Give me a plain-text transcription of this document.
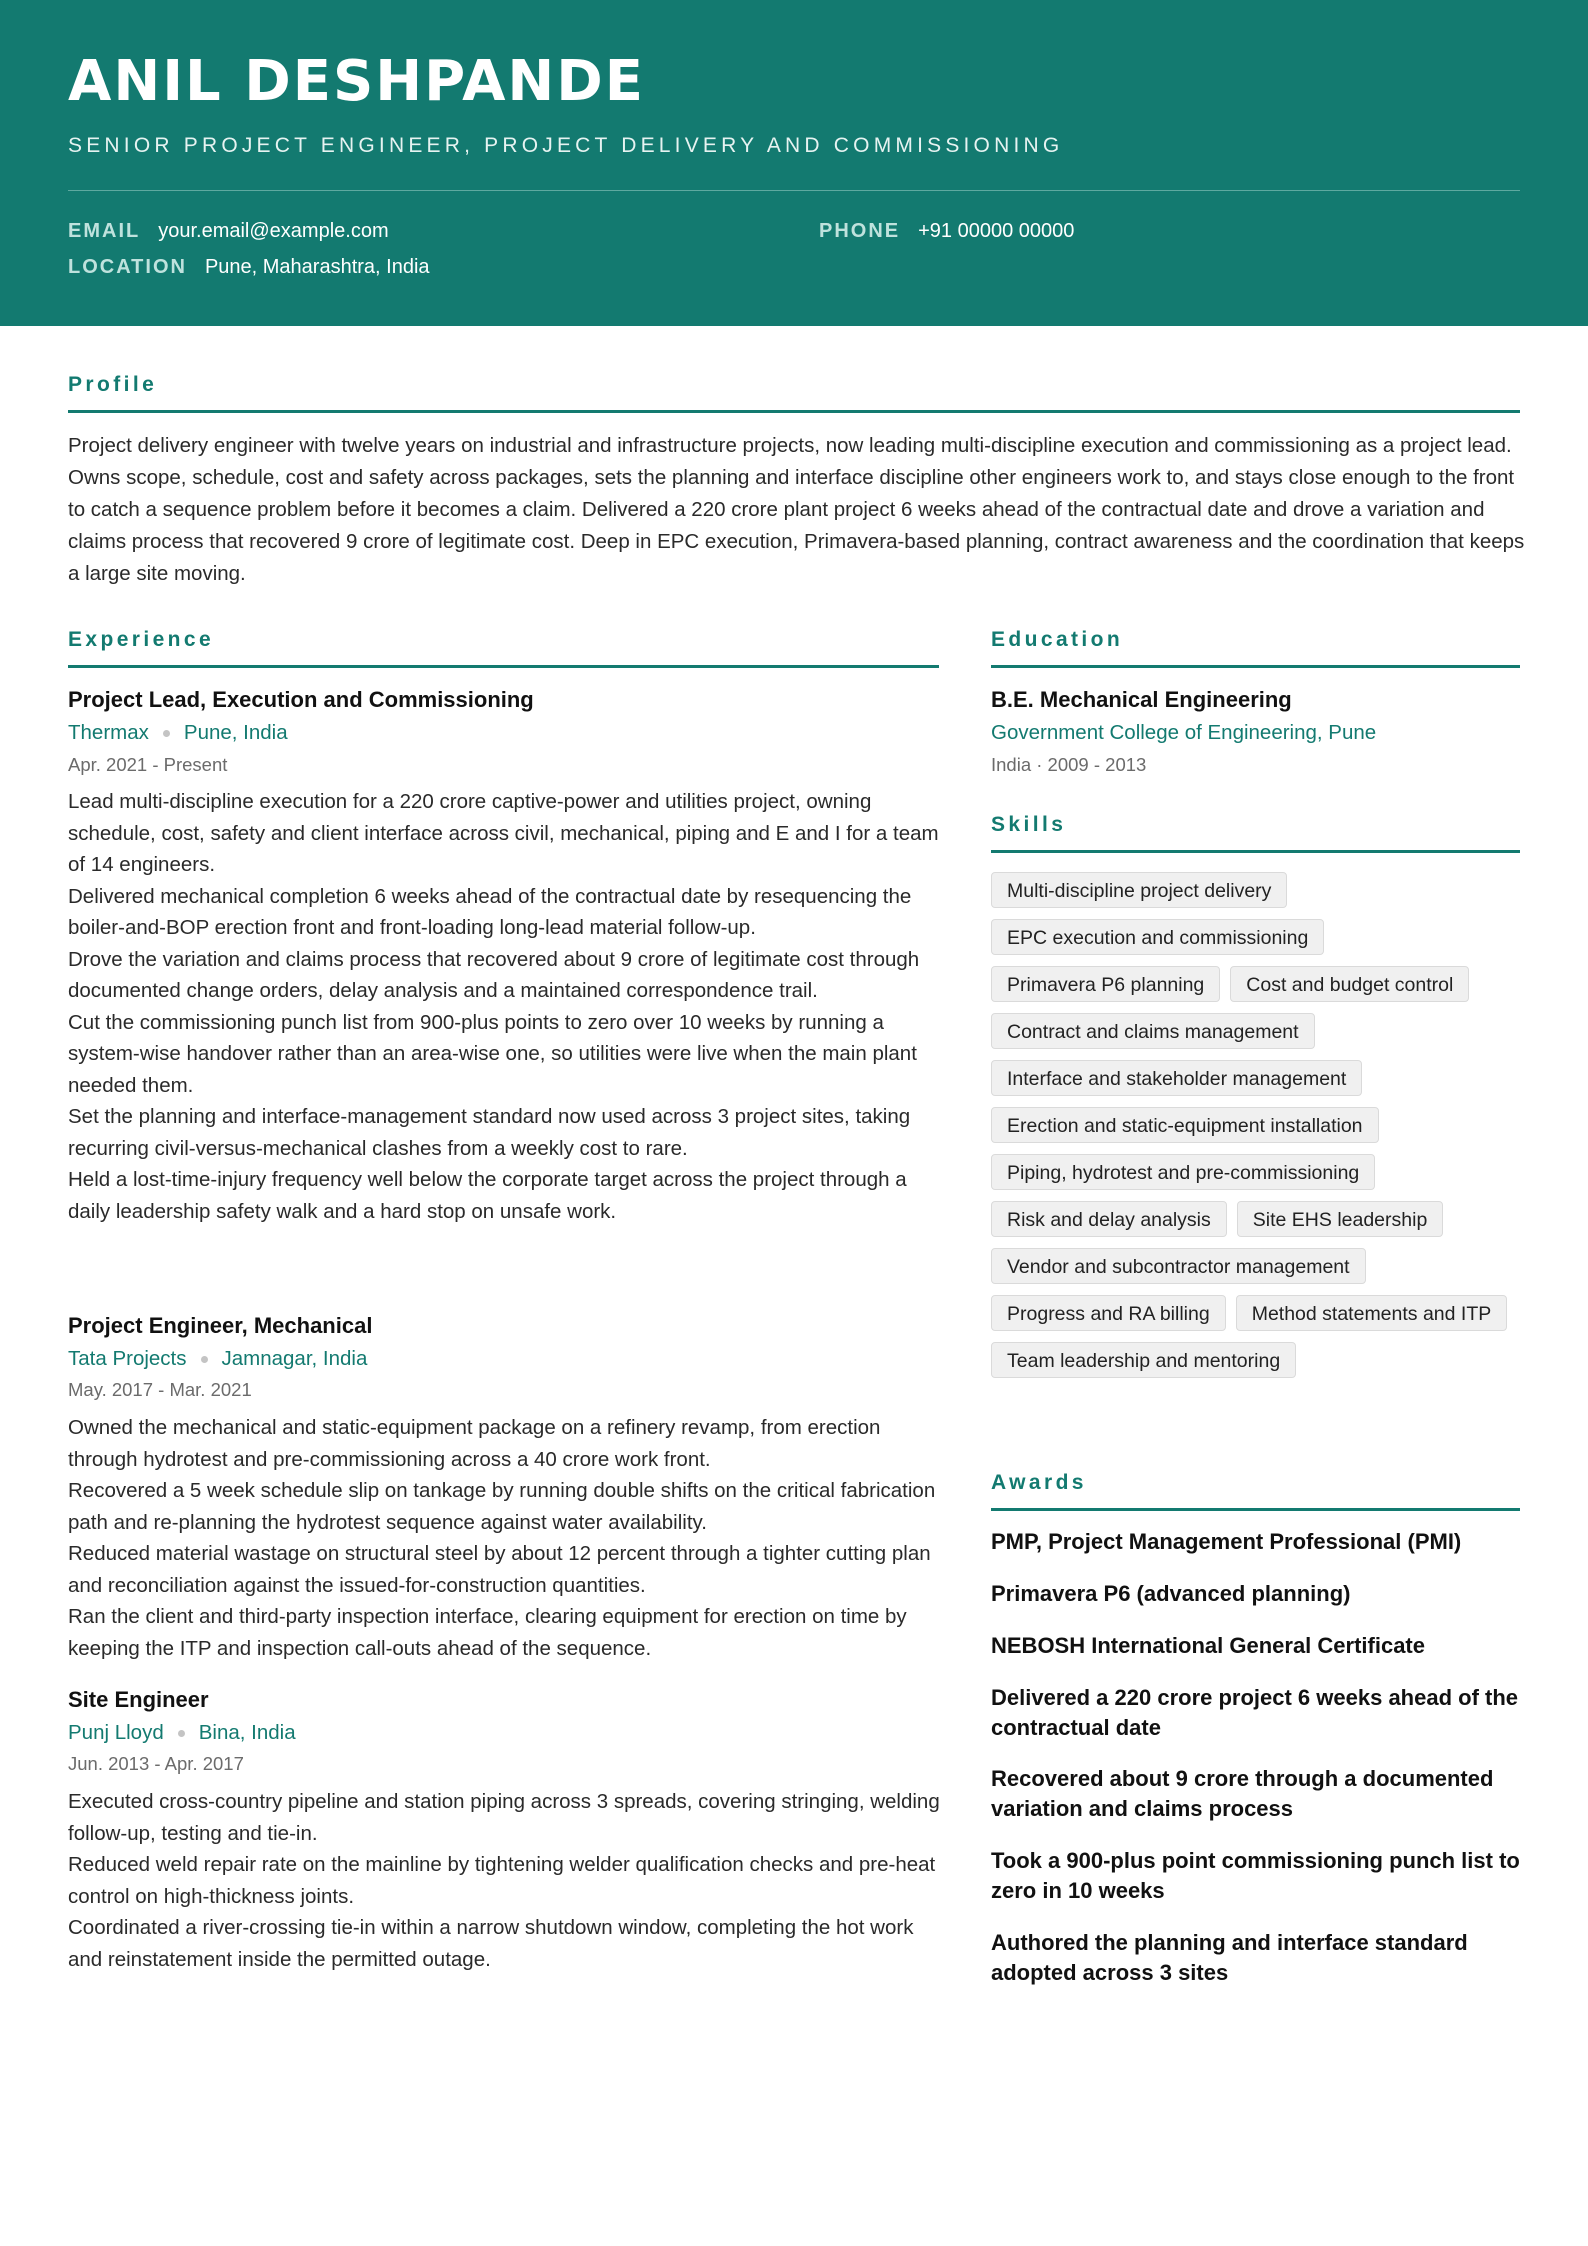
ANIL DESHPANDE
SENIOR PROJECT ENGINEER, PROJECT DELIVERY AND COMMISSIONING
EMAIL your.email@example.com	PHONE +91 00000 00000
LOCATION Pune, Maharashtra, India
Profile
Project delivery engineer with twelve years on industrial and infrastructure projects, now leading multi-discipline execution and commissioning as a project lead. Owns scope, schedule, cost and safety across packages, sets the planning and interface discipline other engineers work to, and stays close enough to the front to catch a sequence problem before it becomes a claim. Delivered a 220 crore plant project 6 weeks ahead of the contractual date and drove a variation and claims process that recovered 9 crore of legitimate cost. Deep in EPC execution, Primavera-based planning, contract awareness and the coordination that keeps a large site moving.
Experience
Project Lead, Execution and Commissioning
Thermax Pune, India
Apr. 2021 - Present
Lead multi-discipline execution for a 220 crore captive-power and utilities project, owning schedule, cost, safety and client interface across civil, mechanical, piping and E and I for a team of 14 engineers.
Delivered mechanical completion 6 weeks ahead of the contractual date by resequencing the boiler-and-BOP erection front and front-loading long-lead material follow-up.
Drove the variation and claims process that recovered about 9 crore of legitimate cost through documented change orders, delay analysis and a maintained correspondence trail.
Cut the commissioning punch list from 900-plus points to zero over 10 weeks by running a system-wise handover rather than an area-wise one, so utilities were live when the main plant needed them.
Set the planning and interface-management standard now used across 3 project sites, taking recurring civil-versus-mechanical clashes from a weekly cost to rare.
Held a lost-time-injury frequency well below the corporate target across the project through a daily leadership safety walk and a hard stop on unsafe work.
Project Engineer, Mechanical
Tata Projects Jamnagar, India
May. 2017 - Mar. 2021
Owned the mechanical and static-equipment package on a refinery revamp, from erection through hydrotest and pre-commissioning across a 40 crore work front.
Recovered a 5 week schedule slip on tankage by running double shifts on the critical fabrication path and re-planning the hydrotest sequence against water availability.
Reduced material wastage on structural steel by about 12 percent through a tighter cutting plan and reconciliation against the issued-for-construction quantities.
Ran the client and third-party inspection interface, clearing equipment for erection on time by keeping the ITP and inspection call-outs ahead of the sequence.
Site Engineer
Punj Lloyd Bina, India
Jun. 2013 - Apr. 2017
Executed cross-country pipeline and station piping across 3 spreads, covering stringing, welding follow-up, testing and tie-in.
Reduced weld repair rate on the mainline by tightening welder qualification checks and pre-heat control on high-thickness joints.
Coordinated a river-crossing tie-in within a narrow shutdown window, completing the hot work and reinstatement inside the permitted outage.
Education
B.E. Mechanical Engineering
Government College of Engineering, Pune
India · 2009 - 2013
Skills
Multi-discipline project delivery
EPC execution and commissioning
Primavera P6 planning	Cost and budget control
Contract and claims management
Interface and stakeholder management
Erection and static-equipment installation
Piping, hydrotest and pre-commissioning
Risk and delay analysis	Site EHS leadership
Vendor and subcontractor management
Progress and RA billing	Method statements and ITP
Team leadership and mentoring
Awards
PMP, Project Management Professional (PMI)
Primavera P6 (advanced planning)
NEBOSH International General Certificate
Delivered a 220 crore project 6 weeks ahead of the contractual date
Recovered about 9 crore through a documented variation and claims process
Took a 900-plus point commissioning punch list to zero in 10 weeks
Authored the planning and interface standard adopted across 3 sites
